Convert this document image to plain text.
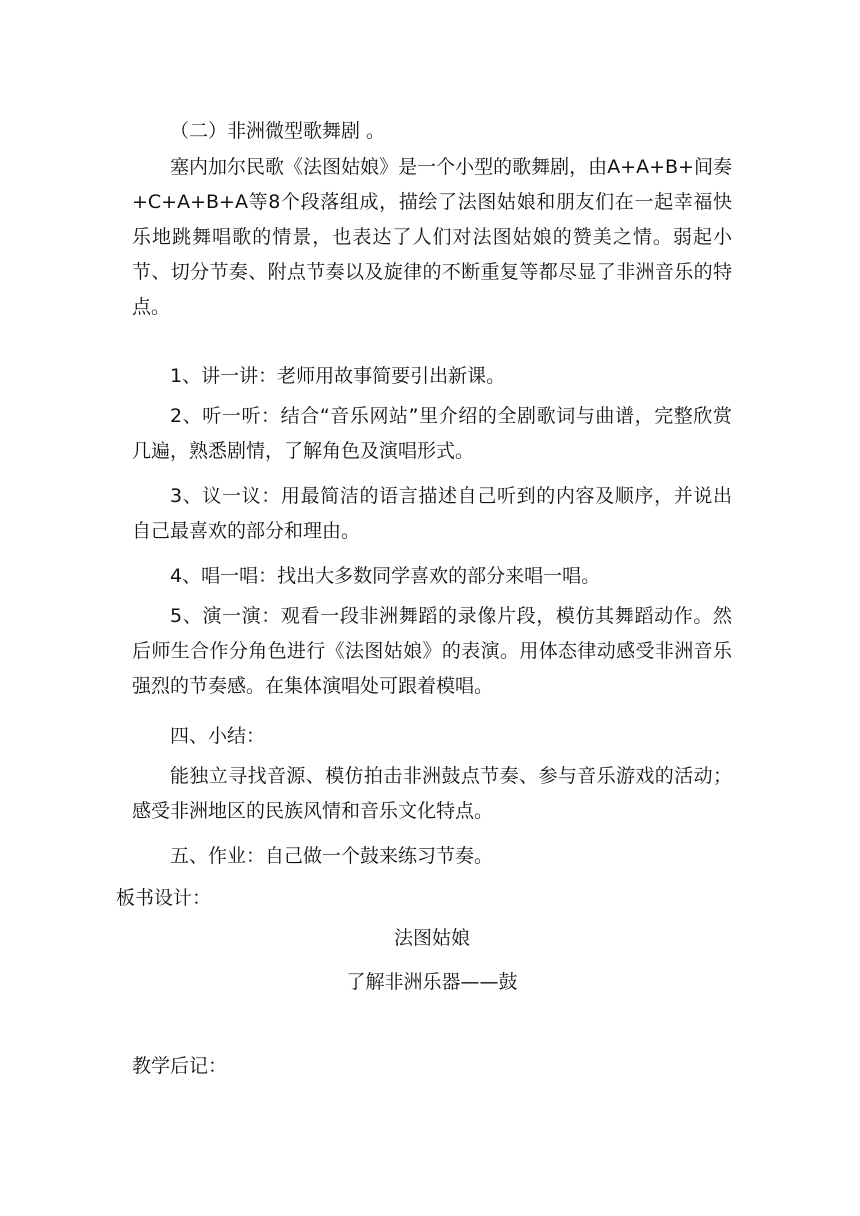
（二）非洲微型歌舞剧 。

塞内加尔民歌《法图姑娘》是一个小型的歌舞剧，由A+A+B+间奏+C+A+B+A等8个段落组成，描绘了法图姑娘和朋友们在一起幸福快乐地跳舞唱歌的情景，也表达了人们对法图姑娘的赞美之情。弱起小节、切分节奏、附点节奏以及旋律的不断重复等都尽显了非洲音乐的特点。

1、讲一讲：老师用故事简要引出新课。

2、听一听：结合“音乐网站”里介绍的全剧歌词与曲谱，完整欣赏几遍，熟悉剧情，了解角色及演唱形式。

3、议一议：用最简洁的语言描述自己听到的内容及顺序，并说出自己最喜欢的部分和理由。

4、唱一唱：找出大多数同学喜欢的部分来唱一唱。

5、演一演：观看一段非洲舞蹈的录像片段，模仿其舞蹈动作。然后师生合作分角色进行《法图姑娘》的表演。用体态律动感受非洲音乐强烈的节奏感。在集体演唱处可跟着模唱。

四、小结：

能独立寻找音源、模仿拍击非洲鼓点节奏、参与音乐游戏的活动；感受非洲地区的民族风情和音乐文化特点。

五、作业：自己做一个鼓来练习节奏。

板书设计：

法图姑娘

了解非洲乐器——鼓

教学后记：
